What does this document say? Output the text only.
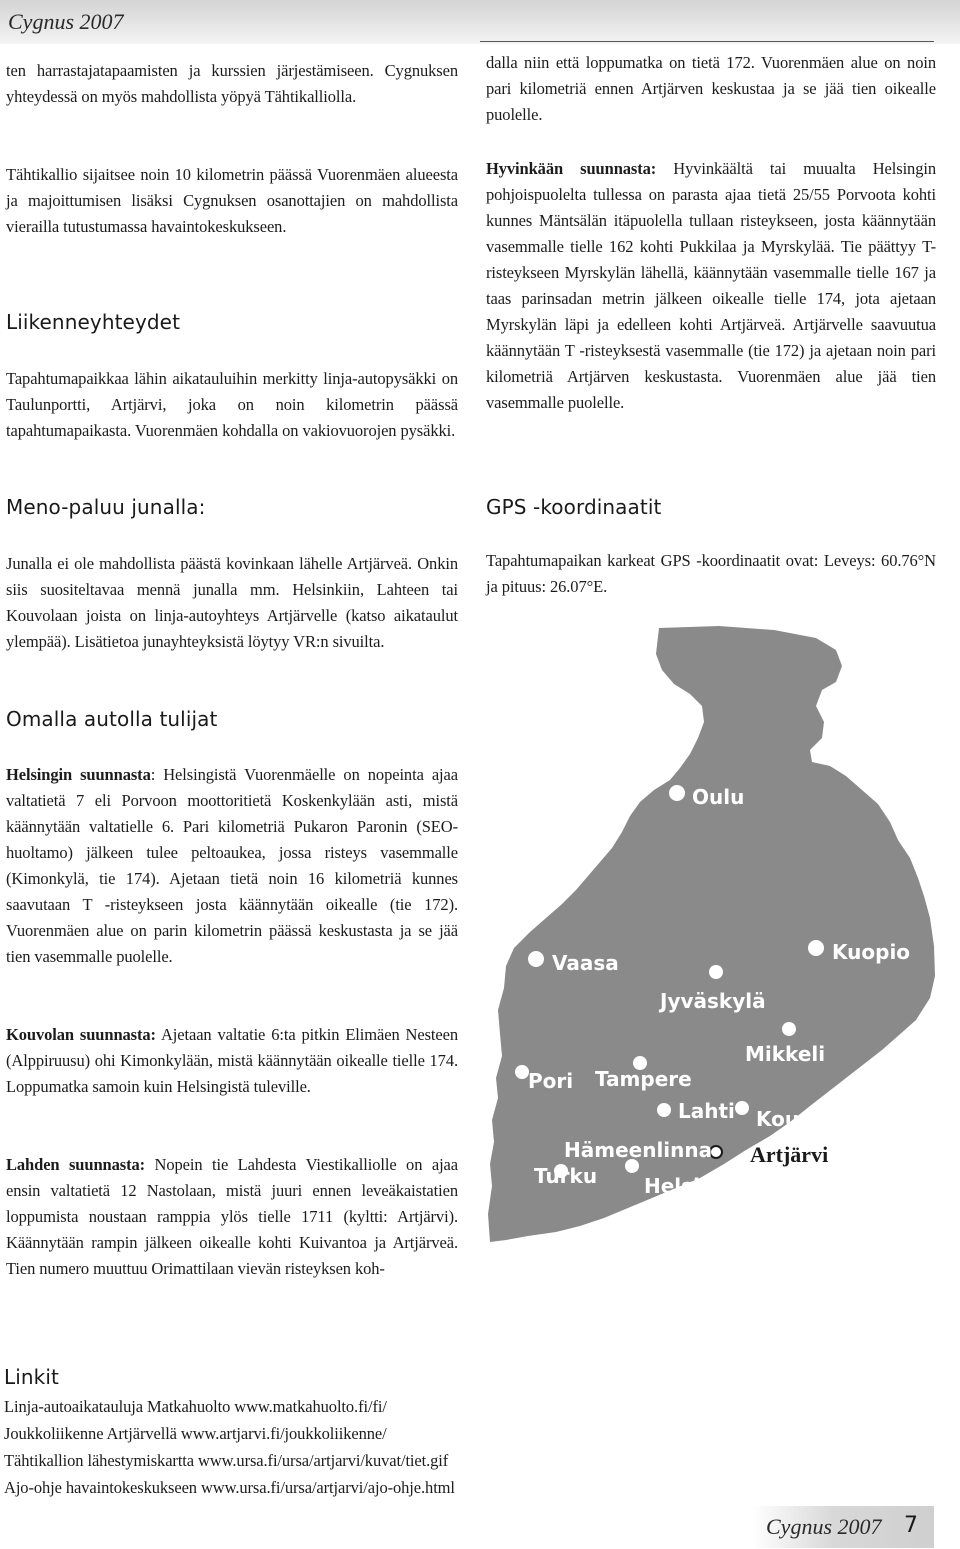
Cygnus 2007

ten harrastajatapaamisten ja kurssien järjestämiseen. Cygnuksen yhteydessä on myös mahdollista yöpyä Tähtikalliolla.

Tähtikallio sijaitsee noin 10 kilometrin päässä Vuorenmäen alueesta ja majoittumisen lisäksi Cygnuksen osanottajien on mahdollista vierailla tutustumassa havaintokeskukseen.

Liikenneyhteydet

Tapahtumapaikkaa lähin aikatauluihin merkitty linja-autopysäkki on Taulunportti, Artjärvi, joka on noin kilometrin päässä tapahtumapaikasta. Vuorenmäen kohdalla on vakiovuorojen pysäkki.

Meno-paluu junalla:

Junalla ei ole mahdollista päästä kovinkaan lähelle Artjärveä. Onkin siis suositeltavaa mennä junalla mm. Helsinkiin, Lahteen tai Kouvolaan joista on linja-autoyhteys Artjärvelle (katso aikataulut ylempää). Lisätietoa junayhteyksistä löytyy VR:n sivuilta.

Omalla autolla tulijat

Helsingin suunnasta: Helsingistä Vuorenmäelle on nopeinta ajaa valtatietä 7 eli Porvoon moottoritietä Koskenkylään asti, mistä käännytään valtatielle 6. Pari kilometriä Pukaron Paronin (SEO-huoltamo) jälkeen tulee peltoaukea, jossa risteys vasemmalle (Kimonkylä, tie 174). Ajetaan tietä noin 16 kilometriä kunnes saavutaan T -risteykseen josta käännytään oikealle (tie 172). Vuorenmäen alue on parin kilometrin päässä keskustasta ja se jää tien vasemmalle puolelle.

Kouvolan suunnasta: Ajetaan valtatie 6:ta pitkin Elimäen Nesteen (Alppiruusu) ohi Kimonkylään, mistä käännytään oikealle tielle 174. Loppumatka samoin kuin Helsingistä tuleville.

Lahden suunnasta: Nopein tie Lahdesta Viestikalliolle on ajaa ensin valtatietä 12 Nastolaan, mistä juuri ennen leveäkaistatien loppumista noustaan ramppia ylös tielle 1711 (kyltti: Artjärvi). Käännytään rampin jälkeen oikealle kohti Kuivantoa ja Artjärveä. Tien numero muuttuu Orimattilaan vievän risteyksen koh-

dalla niin että loppumatka on tietä 172. Vuorenmäen alue on noin pari kilometriä ennen Artjärven keskustaa ja se jää tien oikealle puolelle.

Hyvinkään suunnasta: Hyvinkäältä tai muualta Helsingin pohjoispuolelta tullessa on parasta ajaa tietä 25/55 Porvoota kohti kunnes Mäntsälän itäpuolella tullaan risteykseen, josta käännytään vasemmalle tielle 162 kohti Pukkilaa ja Myrskylää. Tie päättyy T-risteykseen Myrskylän lähellä, käännytään vasemmalle tielle 167 ja taas parinsadan metrin jälkeen oikealle tielle 174, jota ajetaan Myrskylän läpi ja edelleen kohti Artjärveä. Artjärvelle saavuutua käännytään T -risteyksestä vasemmalle (tie 172) ja ajetaan noin pari kilometriä Artjärven keskustasta. Vuorenmäen alue jää tien vasemmalle puolelle.

GPS -koordinaatit

Tapahtumapaikan karkeat GPS -koordinaatit ovat: Leveys: 60.76°N ja pituus: 26.07°E.

Oulu
Vaasa	Kuopio
Jyväskylä
Mikkeli
Pori Tampere
Lahti Kouvola
Hämeenlinna
Turku Helsinki
Artjärvi
Linkit

Linja-autoaikatauluja Matkahuolto www.matkahuolto.fi/fi/

Joukkoliikenne Artjärvellä www.artjarvi.fi/joukkoliikenne/

Tähtikallion lähestymiskartta www.ursa.fi/ursa/artjarvi/kuvat/tiet.gif

Ajo-ohje havaintokeskukseen www.ursa.fi/ursa/artjarvi/ajo-ohje.html

Cygnus 2007 7
